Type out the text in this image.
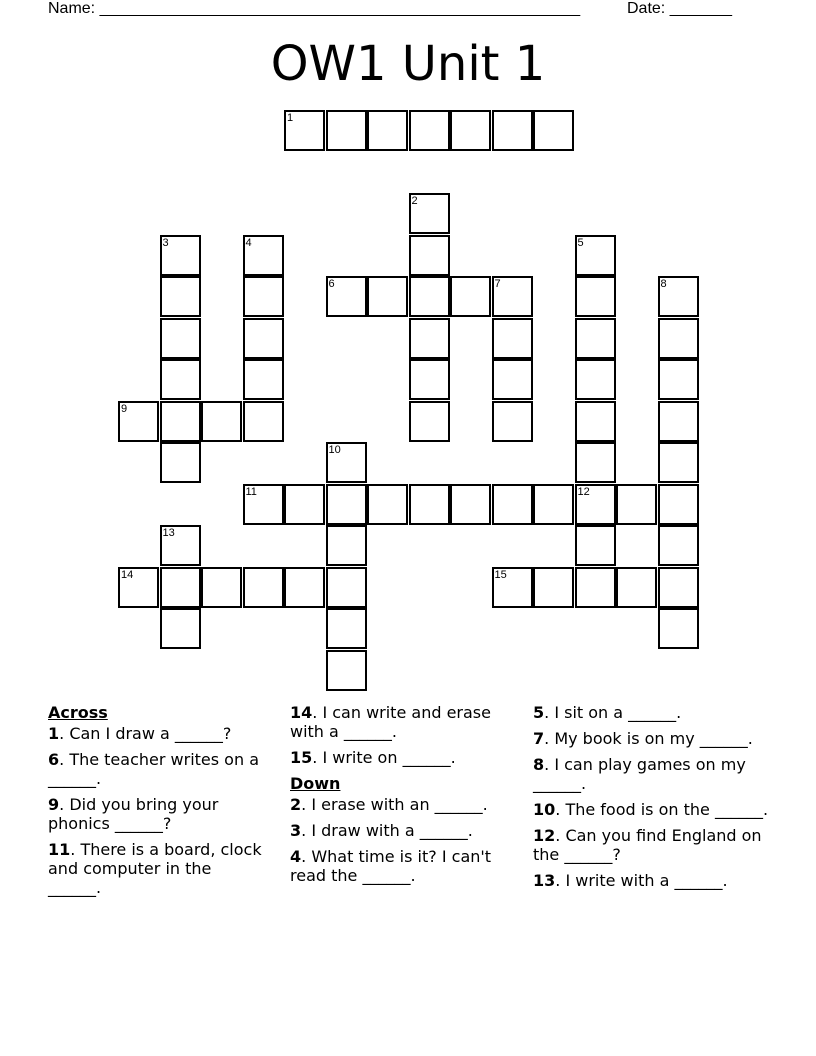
Name: ______________________________________________________	Date: _______
OW1 Unit 1
1
2
3	4	5
6	7	8
9
10
11	12
13
14	15
Across
1. Can I draw a ______?
6. The teacher writes on a ______.
9. Did you bring your phonics ______?
11. There is a board, clock and computer in the ______.
14. I can write and erase with a ______.
15. I write on ______.
Down
2. I erase with an ______.
3. I draw with a ______.
4. What time is it? I can't read the ______.
5. I sit on a ______.
7. My book is on my ______.
8. I can play games on my ______.
10. The food is on the ______.
12. Can you find England on the ______?
13. I write with a ______.
